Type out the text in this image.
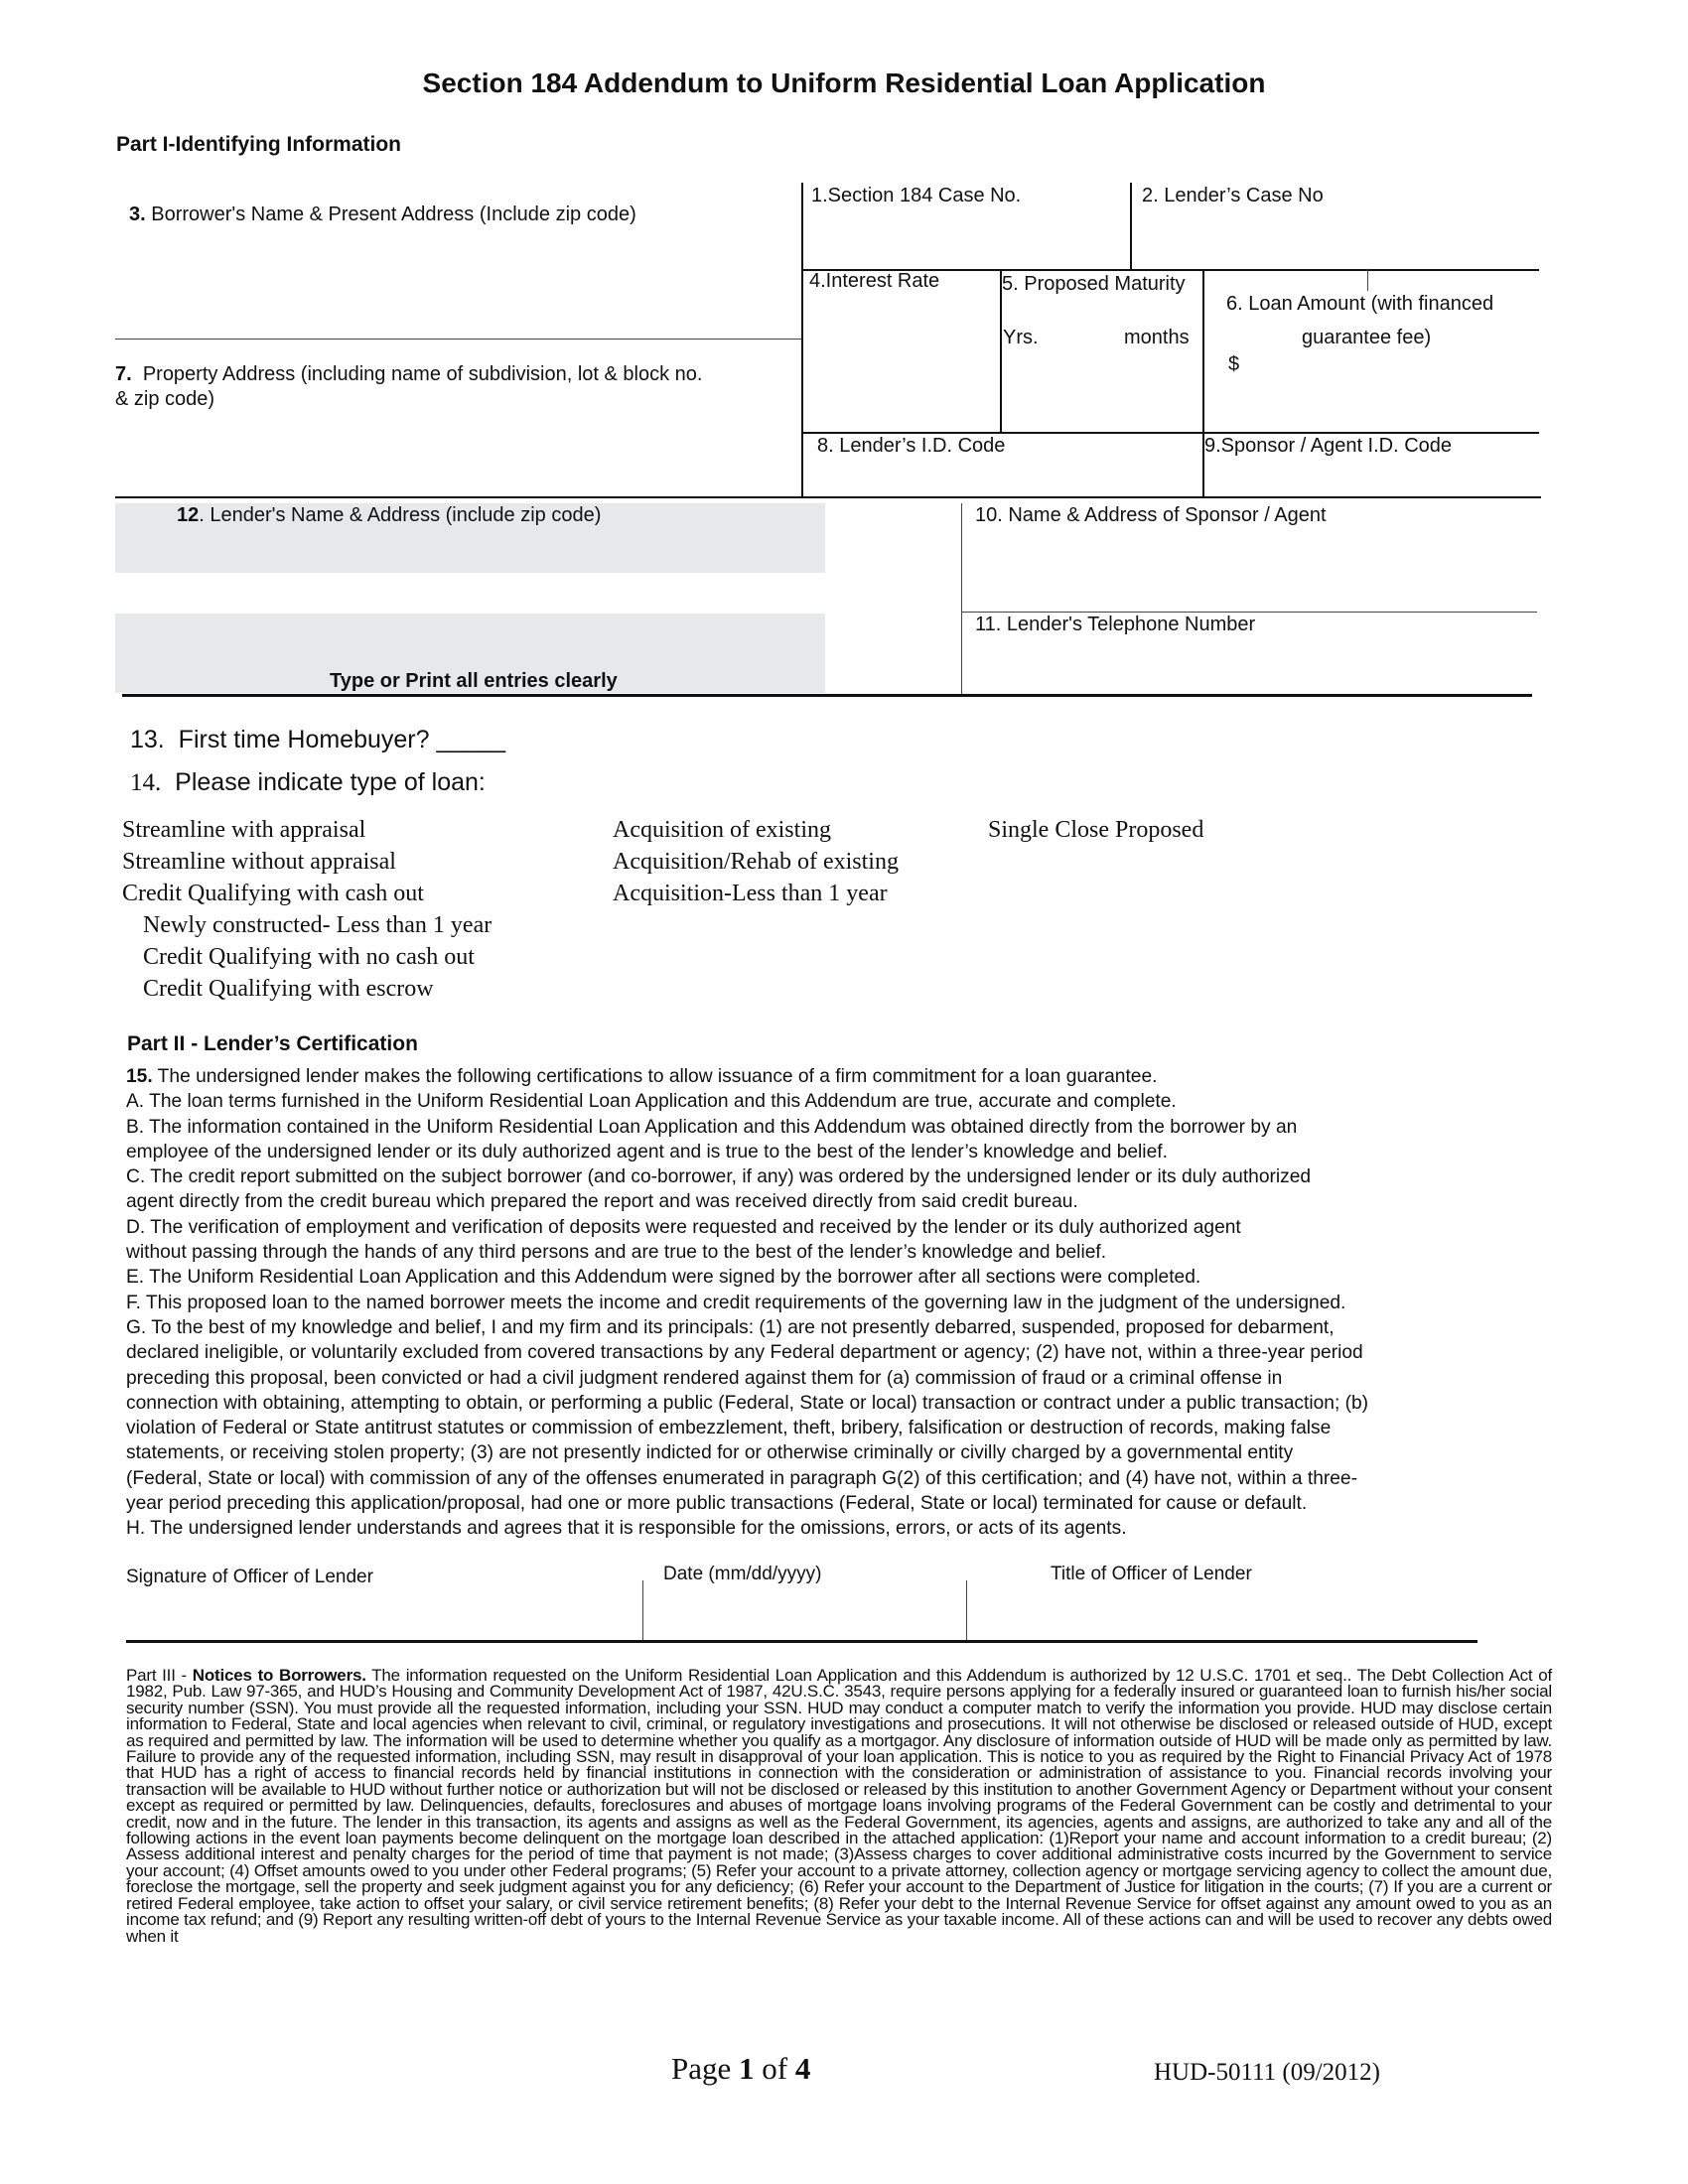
Section 184 Addendum to Uniform Residential Loan Application
Part I-Identifying Information
3. Borrower's Name & Present Address (Include zip code)
1.Section 184 Case No.	2. Lender’s Case No
4.Interest Rate	5. Proposed Maturity
Yrs.	months
6. Loan Amount (with financed
guarantee fee)
$
7. Property Address (including name of subdivision, lot & block no.
& zip code)
8. Lender’s I.D. Code	9.Sponsor / Agent I.D. Code
12. Lender's Name & Address (include zip code)
Type or Print all entries clearly
10. Name & Address of Sponsor / Agent
11. Lender's Telephone Number
13. First time Homebuyer? _____
14. Please indicate type of loan:
Streamline with appraisal
Streamline without appraisal
Credit Qualifying with cash out
Newly constructed- Less than 1 year
Credit Qualifying with no cash out
Credit Qualifying with escrow
Acquisition of existing
Acquisition/Rehab of existing
Acquisition-Less than 1 year
Single Close Proposed
Part II - Lender’s Certification

15. The undersigned lender makes the following certifications to allow issuance of a firm commitment for a loan guarantee.

A. The loan terms furnished in the Uniform Residential Loan Application and this Addendum are true, accurate and complete.

B. The information contained in the Uniform Residential Loan Application and this Addendum was obtained directly from the borrower by an

employee of the undersigned lender or its duly authorized agent and is true to the best of the lender’s knowledge and belief.

C. The credit report submitted on the subject borrower (and co-borrower, if any) was ordered by the undersigned lender or its duly authorized

agent directly from the credit bureau which prepared the report and was received directly from said credit bureau.

D. The verification of employment and verification of deposits were requested and received by the lender or its duly authorized agent

without passing through the hands of any third persons and are true to the best of the lender’s knowledge and belief.

E. The Uniform Residential Loan Application and this Addendum were signed by the borrower after all sections were completed.

F. This proposed loan to the named borrower meets the income and credit requirements of the governing law in the judgment of the undersigned.

G. To the best of my knowledge and belief, I and my firm and its principals: (1) are not presently debarred, suspended, proposed for debarment,

declared ineligible, or voluntarily excluded from covered transactions by any Federal department or agency; (2) have not, within a three-year period

preceding this proposal, been convicted or had a civil judgment rendered against them for (a) commission of fraud or a criminal offense in

connection with obtaining, attempting to obtain, or performing a public (Federal, State or local) transaction or contract under a public transaction; (b)

violation of Federal or State antitrust statutes or commission of embezzlement, theft, bribery, falsification or destruction of records, making false

statements, or receiving stolen property; (3) are not presently indicted for or otherwise criminally or civilly charged by a governmental entity

(Federal, State or local) with commission of any of the offenses enumerated in paragraph G(2) of this certification; and (4) have not, within a three-

year period preceding this application/proposal, had one or more public transactions (Federal, State or local) terminated for cause or default.

H. The undersigned lender understands and agrees that it is responsible for the omissions, errors, or acts of its agents.

Signature of Officer of Lender	Date (mm/dd/yyyy)	Title of Officer of Lender
Part III - Notices to Borrowers. The information requested on the Uniform Residential Loan Application and this Addendum is authorized by 12 U.S.C. 1701 et seq.. The Debt Collection Act of 1982, Pub. Law 97-365, and HUD’s Housing and Community Development Act of 1987, 42U.S.C. 3543, require persons applying for a federally insured or guaranteed loan to furnish his/her social security number (SSN). You must provide all the requested information, including your SSN. HUD may conduct a computer match to verify the information you provide. HUD may disclose certain information to Federal, State and local agencies when relevant to civil, criminal, or regulatory investigations and prosecutions. It will not otherwise be disclosed or released outside of HUD, except as required and permitted by law. The information will be used to determine whether you qualify as a mortgagor. Any disclosure of information outside of HUD will be made only as permitted by law. Failure to provide any of the requested information, including SSN, may result in disapproval of your loan application. This is notice to you as required by the Right to Financial Privacy Act of 1978 that HUD has a right of access to financial records held by financial institutions in connection with the consideration or administration of assistance to you. Financial records involving your transaction will be available to HUD without further notice or authorization but will not be disclosed or released by this institution to another Government Agency or Department without your consent except as required or permitted by law. Delinquencies, defaults, foreclosures and abuses of mortgage loans involving programs of the Federal Government can be costly and detrimental to your credit, now and in the future. The lender in this transaction, its agents and assigns as well as the Federal Government, its agencies, agents and assigns, are authorized to take any and all of the following actions in the event loan payments become delinquent on the mortgage loan described in the attached application: (1)Report your name and account information to a credit bureau; (2) Assess additional interest and penalty charges for the period of time that payment is not made; (3)Assess charges to cover additional administrative costs incurred by the Government to service your account; (4) Offset amounts owed to you under other Federal programs; (5) Refer your account to a private attorney, collection agency or mortgage servicing agency to collect the amount due, foreclose the mortgage, sell the property and seek judgment against you for any deficiency; (6) Refer your account to the Department of Justice for litigation in the courts; (7) If you are a current or retired Federal employee, take action to offset your salary, or civil service retirement benefits; (8) Refer your debt to the Internal Revenue Service for offset against any amount owed to you as an income tax refund; and (9) Report any resulting written-off debt of yours to the Internal Revenue Service as your taxable income. All of these actions can and will be used to recover any debts owed when it
Page 1 of 4	HUD-50111 (09/2012)
